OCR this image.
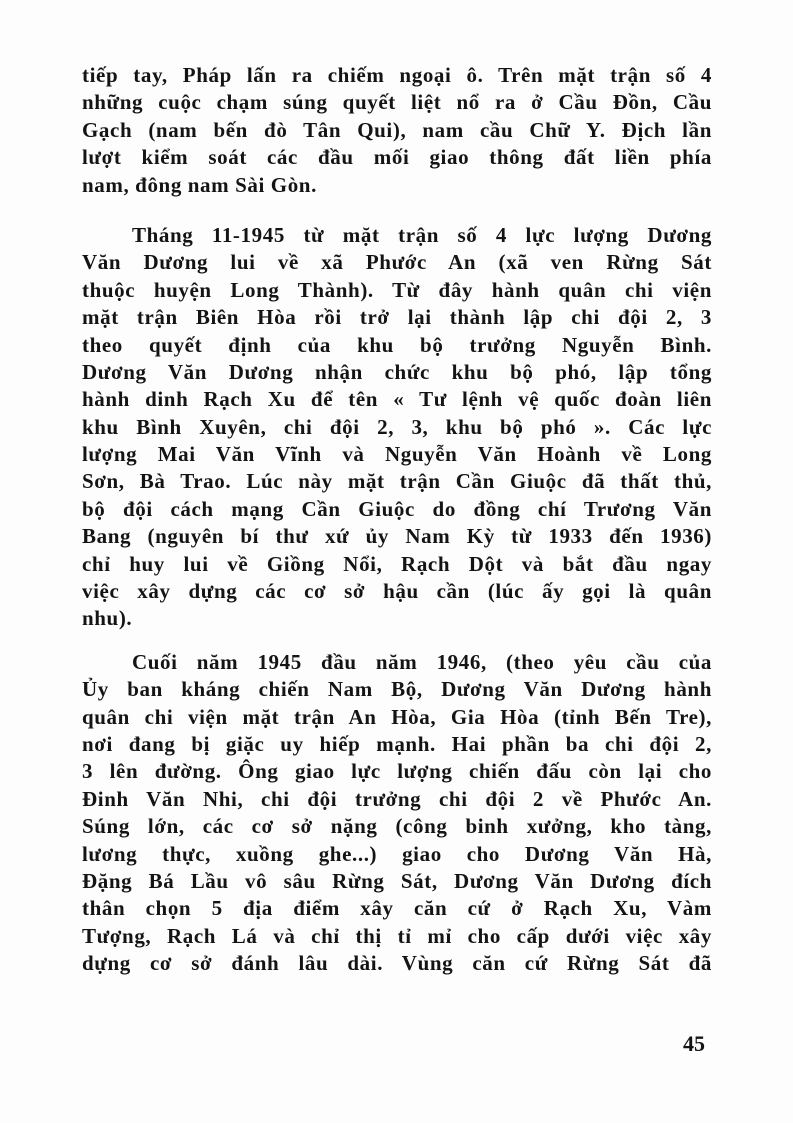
tiếp tay, Pháp lấn ra chiếm ngoại ô. Trên mặt trận số 4
những cuộc chạm súng quyết liệt nổ ra ở Cầu Đồn, Cầu
Gạch (nam bến đò Tân Qui), nam cầu Chữ Y. Địch lần
lượt kiểm soát các đầu mối giao thông đất liền phía
nam, đông nam Sài Gòn.
Tháng 11-1945 từ mặt trận số 4 lực lượng Dương
Văn Dương lui về xã Phước An (xã ven Rừng Sát
thuộc huyện Long Thành). Từ đây hành quân chi viện
mặt trận Biên Hòa rồi trở lại thành lập chi đội 2, 3
theo quyết định của khu bộ trưởng Nguyễn Bình.
Dương Văn Dương nhận chức khu bộ phó, lập tổng
hành dinh Rạch Xu để tên « Tư lệnh vệ quốc đoàn liên
khu Bình Xuyên, chi đội 2, 3, khu bộ phó ». Các lực
lượng Mai Văn Vĩnh và Nguyễn Văn Hoành về Long
Sơn, Bà Trao. Lúc này mặt trận Cần Giuộc đã thất thủ,
bộ đội cách mạng Cần Giuộc do đồng chí Trương Văn
Bang (nguyên bí thư xứ ủy Nam Kỳ từ 1933 đến 1936)
chỉ huy lui về Giồng Nổi, Rạch Dột và bắt đầu ngay
việc xây dựng các cơ sở hậu cần (lúc ấy gọi là quân
nhu).
Cuối năm 1945 đầu năm 1946, (theo yêu cầu của
Ủy ban kháng chiến Nam Bộ, Dương Văn Dương hành
quân chi viện mặt trận An Hòa, Gia Hòa (tỉnh Bến Tre),
nơi đang bị giặc uy hiếp mạnh. Hai phần ba chi đội 2,
3 lên đường. Ông giao lực lượng chiến đấu còn lại cho
Đinh Văn Nhi, chi đội trưởng chi đội 2 về Phước An.
Súng lớn, các cơ sở nặng (công binh xưởng, kho tàng,
lương thực, xuồng ghe...) giao cho Dương Văn Hà,
Đặng Bá Lầu vô sâu Rừng Sát, Dương Văn Dương đích
thân chọn 5 địa điểm xây căn cứ ở Rạch Xu, Vàm
Tượng, Rạch Lá và chỉ thị tỉ mỉ cho cấp dưới việc xây
dựng cơ sở đánh lâu dài. Vùng căn cứ Rừng Sát đã
45
